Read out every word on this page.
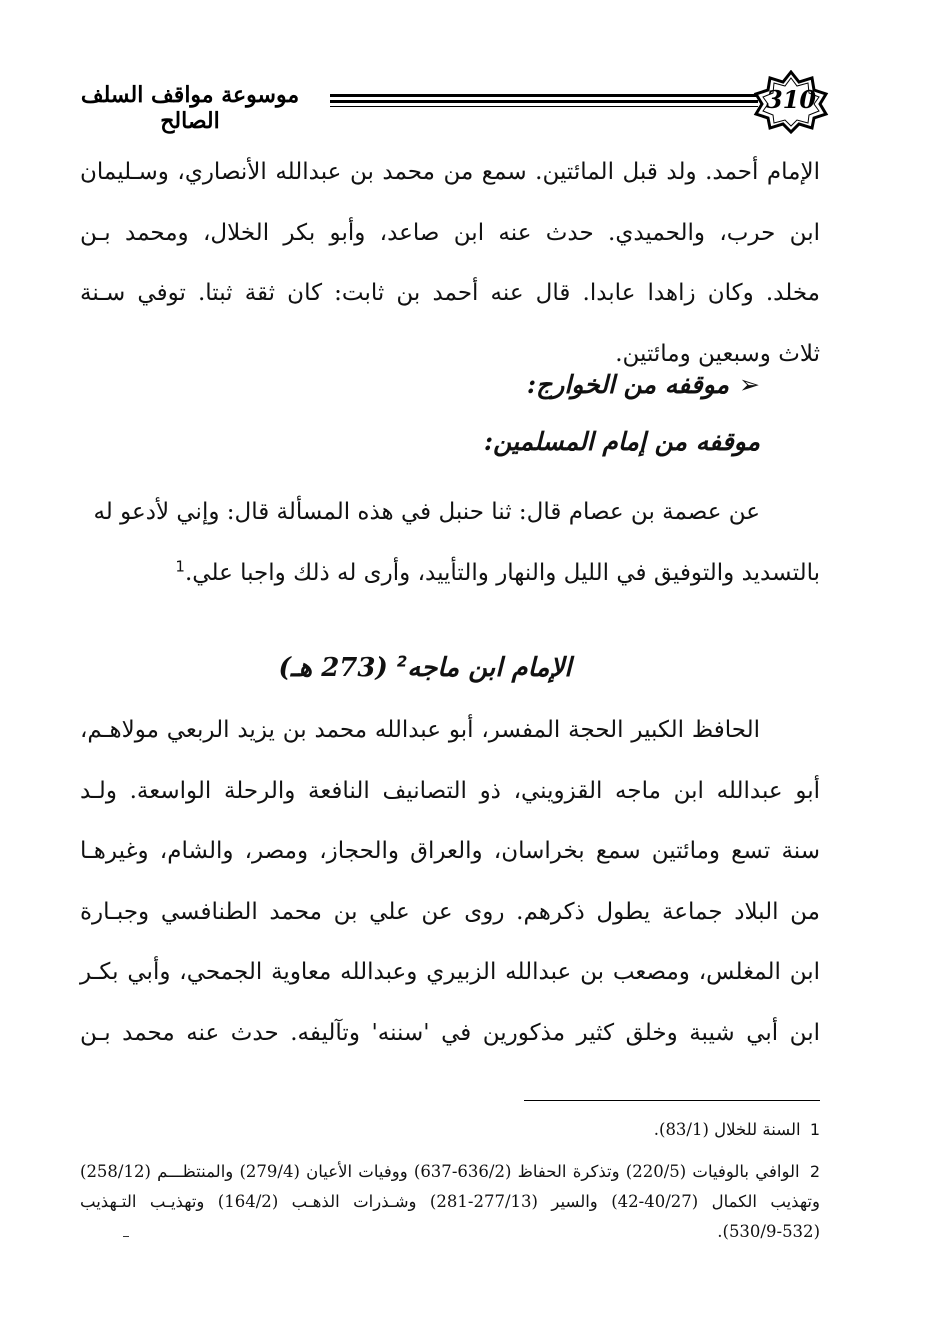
310
موسوعة مواقف السلف الصالح
الإمام أحمد. ولد قبل المائتين. سمع من محمد بن عبدالله الأنصاري، وسـليمان
ابن حرب، والحميدي. حدث عنه ابن صاعد، وأبو بكر الخلال، ومحمد بـن
مخلد. وكان زاهدا عابدا. قال عنه أحمد بن ثابت: كان ثقة ثبتا. توفي سـنة
ثلاث وسبعين ومائتين.
➢موقفه من الخوارج:
موقفه من إمام المسلمين:
عن عصمة بن عصام قال: ثنا حنبل في هذه المسألة قال: وإني لأدعو له
بالتسديد والتوفيق في الليل والنهار والتأييد، وأرى له ذلك واجبا علي.$^1$
الإمام ابن ماجه$^2$ (273 هـ)
الحافظ الكبير الحجة المفسر، أبو عبدالله محمد بن يزيد الربعي مولاهـم،
أبو عبدالله ابن ماجه القزويني، ذو التصانيف النافعة والرحلة الواسعة. ولـد
سنة تسع ومائتين سمع بخراسان، والعراق والحجاز، ومصر، والشام، وغيرهـا
من البلاد جماعة يطول ذكرهم. روى عن علي بن محمد الطنافسي وجبـارة
ابن المغلس، ومصعب بن عبدالله الزبيري وعبدالله معاوية الجمحي، وأبي بكـر
ابن أبي شيبة وخلق كثير مذكورين في 'سننه' وتآليفه. حدث عنه محمد بـن
1 السنة للخلال (83/1).
2 الوافي بالوفيات (220/5) وتذكرة الحفاظ (636/2-637) ووفيات الأعيان (279/4) والمنتظـــم (258/12)
وتهذيب الكمال (40/27-42) والسير (277/13-281) وشـذرات الذهـب (164/2) وتهذيـب التـهذيب
(530/9-532).
